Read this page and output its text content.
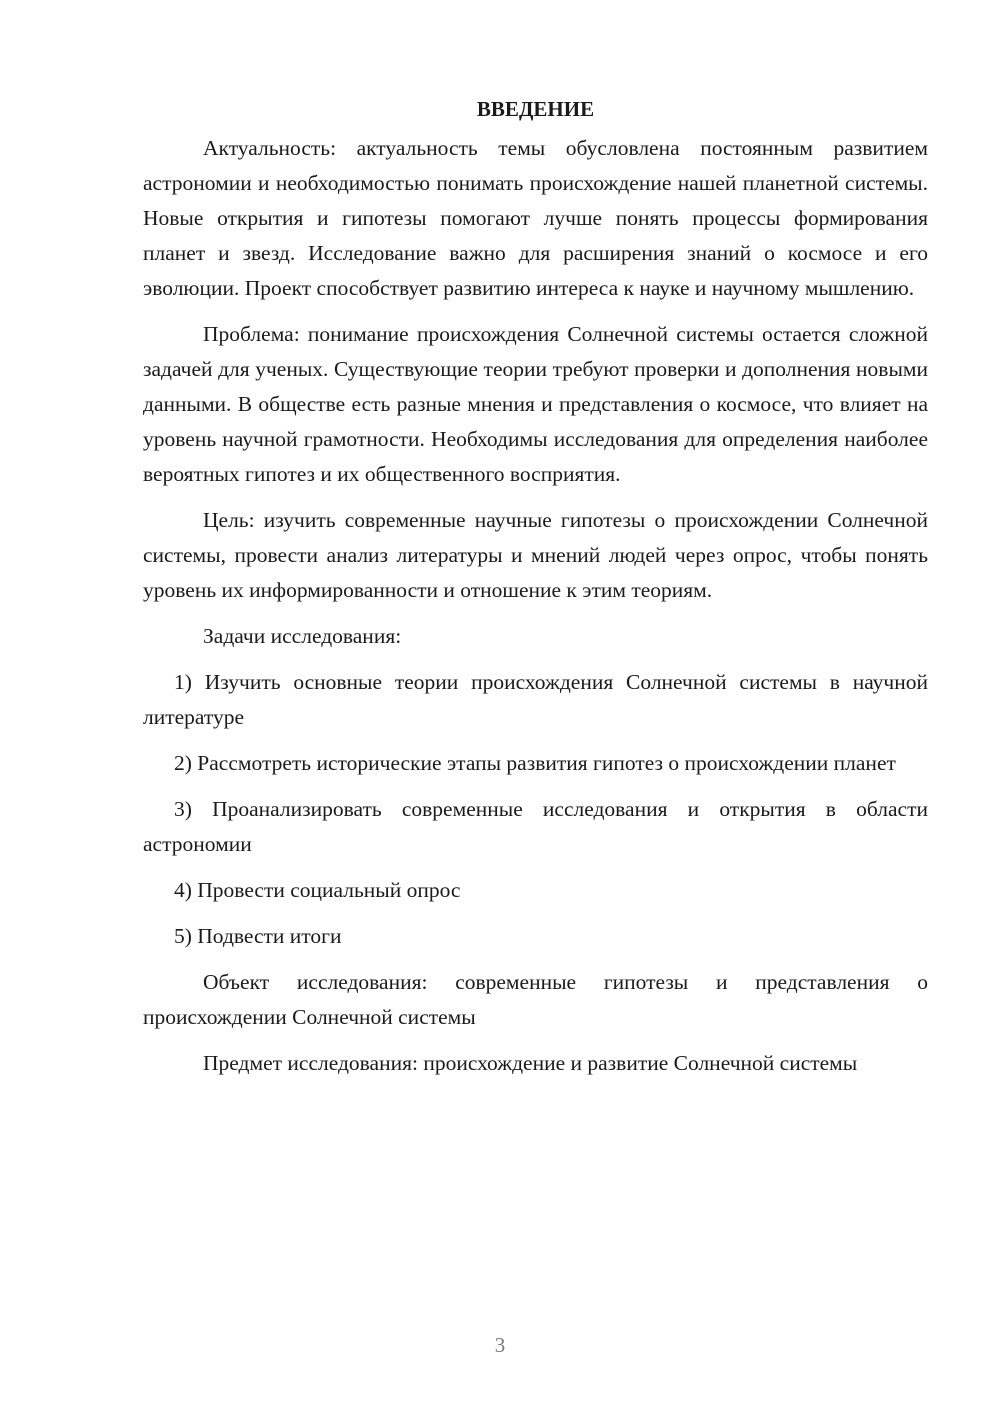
ВВЕДЕНИЕ

Актуальность: актуальность темы обусловлена постоянным развитием астрономии и необходимостью понимать происхождение нашей планетной системы. Новые открытия и гипотезы помогают лучше понять процессы формирования планет и звезд. Исследование важно для расширения знаний о космосе и его эволюции. Проект способствует развитию интереса к науке и научному мышлению.

Проблема: понимание происхождения Солнечной системы остается сложной задачей для ученых. Существующие теории требуют проверки и дополнения новыми данными. В обществе есть разные мнения и представления о космосе, что влияет на уровень научной грамотности. Необходимы исследования для определения наиболее вероятных гипотез и их общественного восприятия.

Цель: изучить современные научные гипотезы о происхождении Солнечной системы, провести анализ литературы и мнений людей через опрос, чтобы понять уровень их информированности и отношение к этим теориям.

Задачи исследования:

1) Изучить основные теории происхождения Солнечной системы в научной литературе

2) Рассмотреть исторические этапы развития гипотез о происхождении планет

3) Проанализировать современные исследования и открытия в области астрономии

4) Провести социальный опрос

5) Подвести итоги

Объект исследования: современные гипотезы и представления о происхождении Солнечной системы

Предмет исследования: происхождение и развитие Солнечной системы

3
